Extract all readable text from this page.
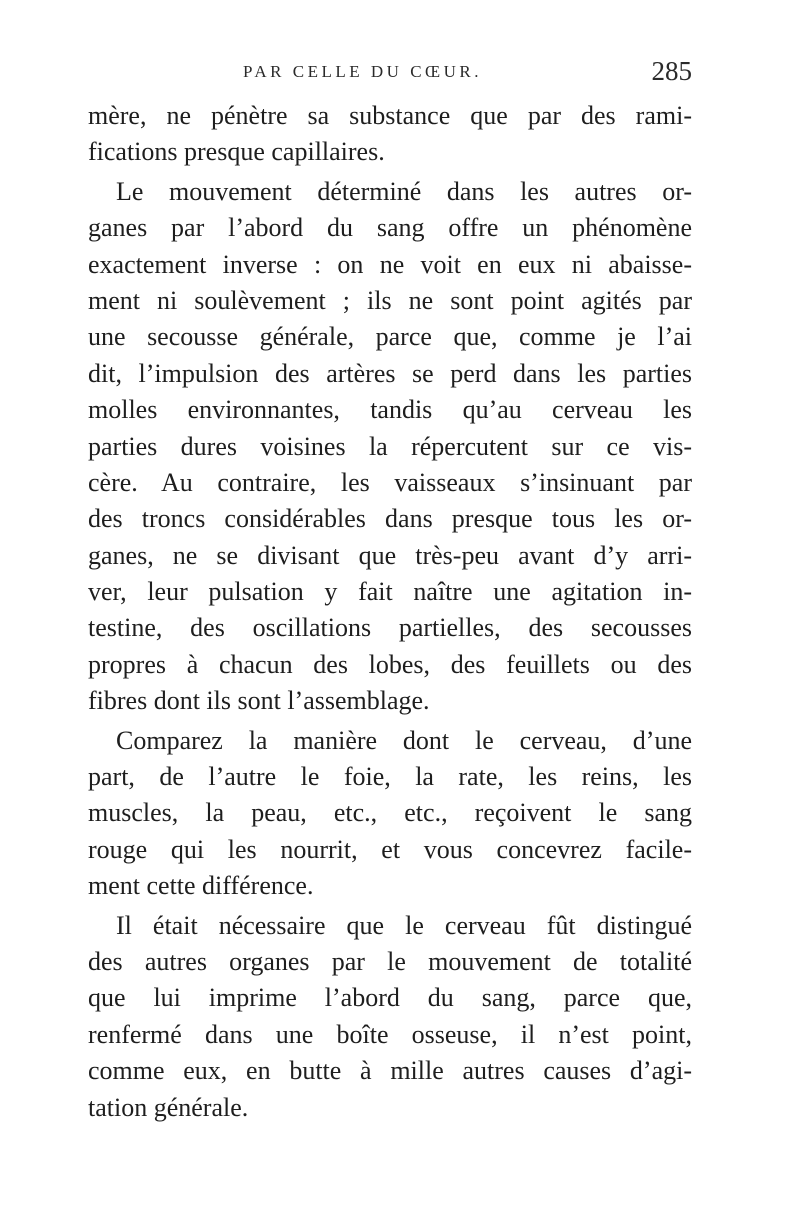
PAR CELLE DU CŒUR.	285
mère, ne pénètre sa substance que par des rami-
fications presque capillaires.
Le mouvement déterminé dans les autres or-
ganes par l’abord du sang offre un phénomène
exactement inverse : on ne voit en eux ni abaisse-
ment ni soulèvement ; ils ne sont point agités par
une secousse générale, parce que, comme je l’ai
dit, l’impulsion des artères se perd dans les parties
molles environnantes, tandis qu’au cerveau les
parties dures voisines la répercutent sur ce vis-
cère. Au contraire, les vaisseaux s’insinuant par
des troncs considérables dans presque tous les or-
ganes, ne se divisant que très-peu avant d’y arri-
ver, leur pulsation y fait naître une agitation in-
testine, des oscillations partielles, des secousses
propres à chacun des lobes, des feuillets ou des
fibres dont ils sont l’assemblage.
Comparez la manière dont le cerveau, d’une
part, de l’autre le foie, la rate, les reins, les
muscles, la peau, etc., etc., reçoivent le sang
rouge qui les nourrit, et vous concevrez facile-
ment cette différence.
Il était nécessaire que le cerveau fût distingué
des autres organes par le mouvement de totalité
que lui imprime l’abord du sang, parce que,
renfermé dans une boîte osseuse, il n’est point,
comme eux, en butte à mille autres causes d’agi-
tation générale.
